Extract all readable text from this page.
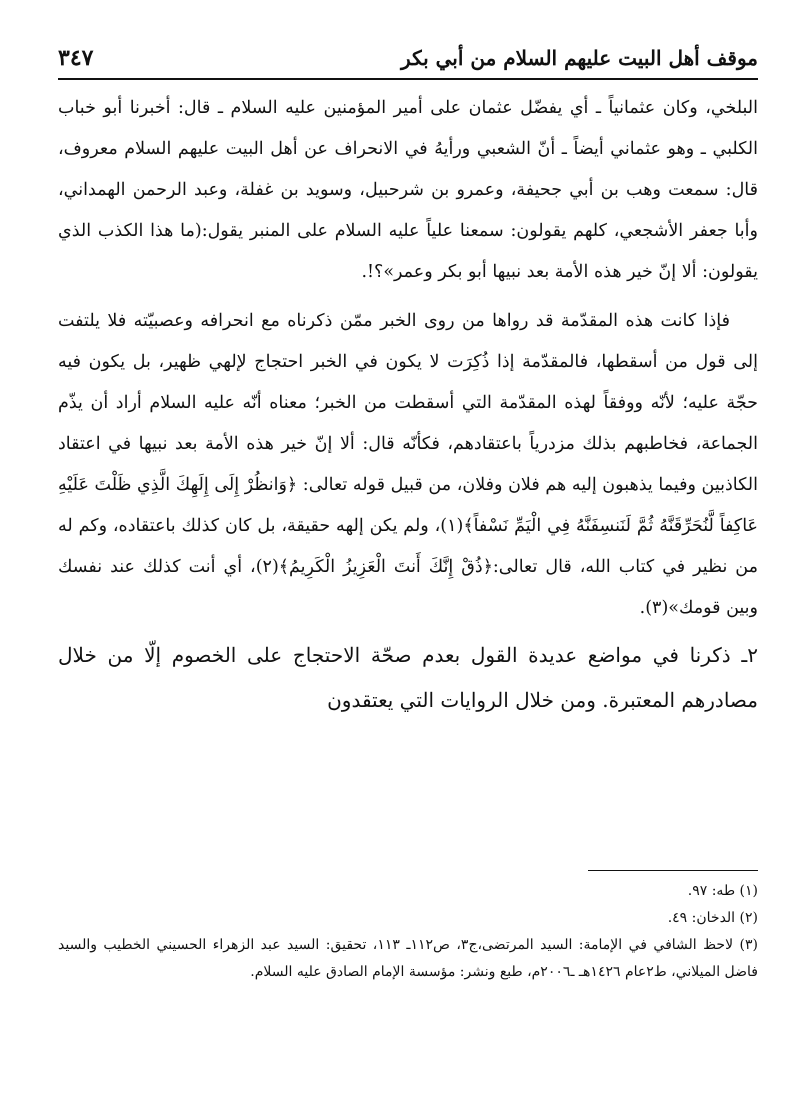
موقف أهل البيت عليهم السلام من أبي بكر
٣٤٧

البلخي، وكان عثمانياً ـ أي يفضّل عثمان على أمير المؤمنين عليه السلام ـ قال: أخبرنا أبو خباب الكلبي ـ وهو عثماني أيضاً ـ أنّ الشعبي ورأيهُ في الانحراف عن أهل البيت عليهم السلام معروف، قال: سمعت وهب بن أبي جحيفة، وعمرو بن شرحبيل، وسويد بن غفلة، وعبد الرحمن الهمداني، وأبا جعفر الأشجعي، كلهم يقولون: سمعنا علياً عليه السلام على المنبر يقول:(ما هذا الكذب الذي يقولون: ألا إنّ خير هذه الأمة بعد نبيها أبو بكر وعمر»؟!.

فإذا كانت هذه المقدّمة قد رواها من روى الخبر ممّن ذكرناه مع انحرافه وعصبيّته فلا يلتفت إلى قول من أسقطها، فالمقدّمة إذا ذُكِرَت لا يكون في الخبر احتجاج لإلهي ظهير، بل يكون فيه حجّة عليه؛ لأنّه ووفقاً لهذه المقدّمة التي أسقطت من الخبر؛ معناه أنّه عليه السلام أراد أن يذّم الجماعة، فخاطبهم بذلك مزدرياً باعتقادهم، فكأنّه قال: ألا إنّ خير هذه الأمة بعد نبيها في اعتقاد الكاذبين وفيما يذهبون إليه هم فلان وفلان، من قبيل قوله تعالى: ﴿وَانظُرْ إِلَى إِلَهِكَ الَّذِي ظَلْتَ عَلَيْهِ عَاكِفاً لَّنُحَرِّقَنَّهُ ثُمَّ لَنَنسِفَنَّهُ فِي الْيَمِّ نَسْفاً﴾(١)، ولم يكن إلهه حقيقة، بل كان كذلك باعتقاده، وكم له من نظير في كتاب الله، قال تعالى:﴿ذُقْ إِنَّكَ أَنتَ الْعَزِيزُ الْكَرِيمُ﴾(٢)، أي أنت كذلك عند نفسك وبين قومك»(٣).

٢ـ ذكرنا في مواضع عديدة القول بعدم صحّة الاحتجاج على الخصوم إلّا من خلال مصادرهم المعتبرة. ومن خلال الروايات التي يعتقدون

(١) طه: ٩٧.

(٢) الدخان: ٤٩.

(٣) لاحظ الشافي في الإمامة: السيد المرتضى،ج٣، ص١١٢ـ ١١٣، تحقيق: السيد عبد الزهراء الحسيني الخطيب والسيد فاضل الميلاني، ط٢عام ١٤٢٦هـ ـ٢٠٠٦م، طبع ونشر: مؤسسة الإمام الصادق عليه السلام.
